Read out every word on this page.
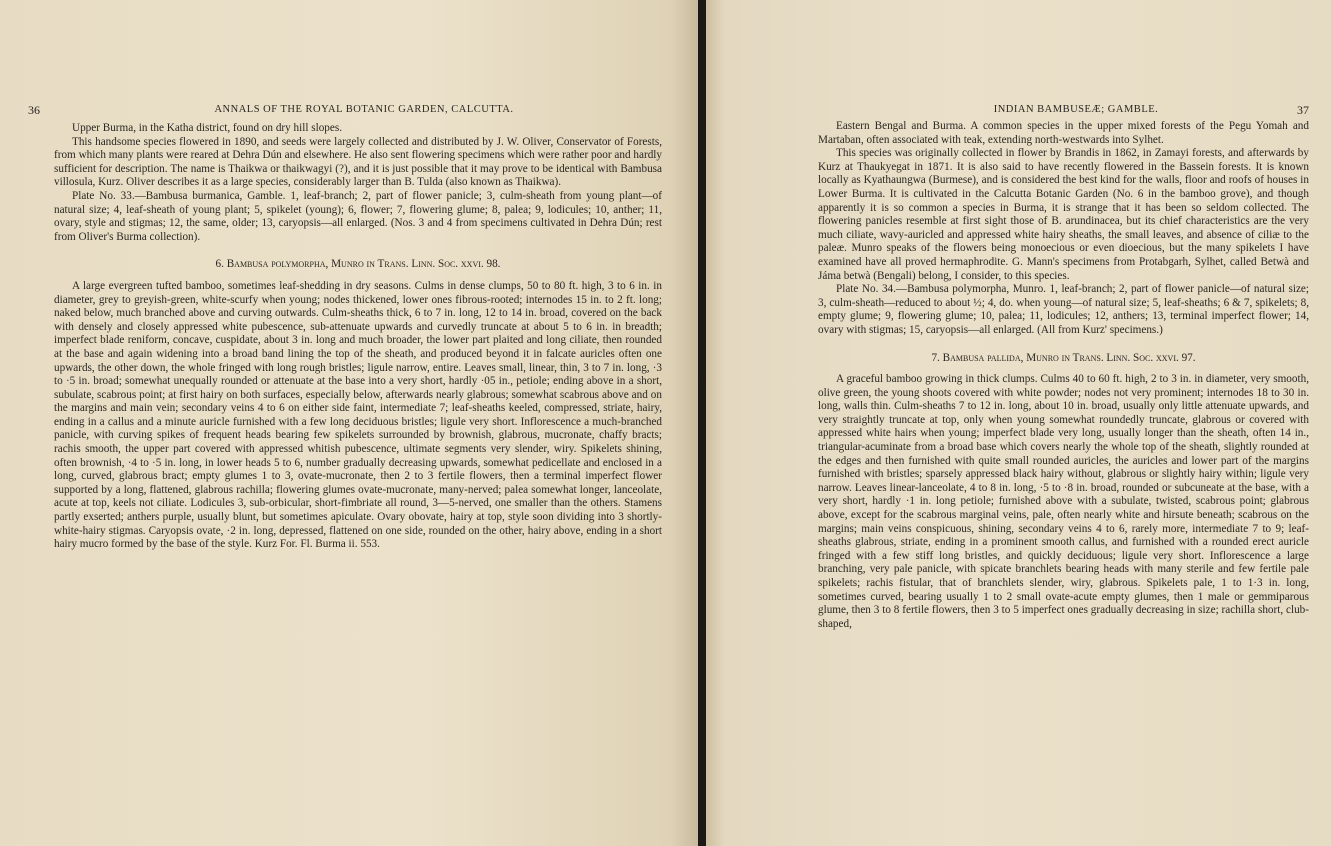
36	ANNALS OF THE ROYAL BOTANIC GARDEN, CALCUTTA.

Upper Burma, in the Katha district, found on dry hill slopes.

This handsome species flowered in 1890, and seeds were largely collected and distributed by J. W. Oliver, Conservator of Forests, from which many plants were reared at Dehra Dún and elsewhere. He also sent flowering specimens which were rather poor and hardly sufficient for description. The name is Thaikwa or thaikwagyi (?), and it is just possible that it may prove to be identical with Bambusa villosula, Kurz. Oliver describes it as a large species, considerably larger than B. Tulda (also known as Thaikwa).

Plate No. 33.—Bambusa burmanica, Gamble. 1, leaf-branch; 2, part of flower panicle; 3, culm-sheath from young plant—of natural size; 4, leaf-sheath of young plant; 5, spikelet (young); 6, flower; 7, flowering glume; 8, palea; 9, lodicules; 10, anther; 11, ovary, style and stigmas; 12, the same, older; 13, caryopsis—all enlarged. (Nos. 3 and 4 from specimens cultivated in Dehra Dún; rest from Oliver's Burma collection).

6. Bambusa polymorpha, Munro in Trans. Linn. Soc. xxvi. 98.

A large evergreen tufted bamboo, sometimes leaf-shedding in dry seasons. Culms in dense clumps, 50 to 80 ft. high, 3 to 6 in. in diameter, grey to greyish-green, white-scurfy when young; nodes thickened, lower ones fibrous-rooted; internodes 15 in. to 2 ft. long; naked below, much branched above and curving outwards. Culm-sheaths thick, 6 to 7 in. long, 12 to 14 in. broad, covered on the back with densely and closely appressed white pubescence, sub-attenuate upwards and curvedly truncate at about 5 to 6 in. in breadth; imperfect blade reniform, concave, cuspidate, about 3 in. long and much broader, the lower part plaited and long ciliate, then rounded at the base and again widening into a broad band lining the top of the sheath, and produced beyond it in falcate auricles often one upwards, the other down, the whole fringed with long rough bristles; ligule narrow, entire. Leaves small, linear, thin, 3 to 7 in. long, ·3 to ·5 in. broad; somewhat unequally rounded or attenuate at the base into a very short, hardly ·05 in., petiole; ending above in a short, subulate, scabrous point; at first hairy on both surfaces, especially below, afterwards nearly glabrous; somewhat scabrous above and on the margins and main vein; secondary veins 4 to 6 on either side faint, intermediate 7; leaf-sheaths keeled, compressed, striate, hairy, ending in a callus and a minute auricle furnished with a few long deciduous bristles; ligule very short. Inflorescence a much-branched panicle, with curving spikes of frequent heads bearing few spikelets surrounded by brownish, glabrous, mucronate, chaffy bracts; rachis smooth, the upper part covered with appressed whitish pubescence, ultimate segments very slender, wiry. Spikelets shining, often brownish, ·4 to ·5 in. long, in lower heads 5 to 6, number gradually decreasing upwards, somewhat pedicellate and enclosed in a long, curved, glabrous bract; empty glumes 1 to 3, ovate-mucronate, then 2 to 3 fertile flowers, then a terminal imperfect flower supported by a long, flattened, glabrous rachilla; flowering glumes ovate-mucronate, many-nerved; palea somewhat longer, lanceolate, acute at top, keels not ciliate. Lodicules 3, sub-orbicular, short-fimbriate all round, 3—5-nerved, one smaller than the others. Stamens partly exserted; anthers purple, usually blunt, but sometimes apiculate. Ovary obovate, hairy at top, style soon dividing into 3 shortly-white-hairy stigmas. Caryopsis ovate, ·2 in. long, depressed, flattened on one side, rounded on the other, hairy above, ending in a short hairy mucro formed by the base of the style. Kurz For. Fl. Burma ii. 553.

INDIAN BAMBUSEÆ; GAMBLE.	37

Eastern Bengal and Burma. A common species in the upper mixed forests of the Pegu Yomah and Martaban, often associated with teak, extending north-westwards into Sylhet.

This species was originally collected in flower by Brandis in 1862, in Zamayi forests, and afterwards by Kurz at Thaukyegat in 1871. It is also said to have recently flowered in the Bassein forests. It is known locally as Kyathaungwa (Burmese), and is considered the best kind for the walls, floor and roofs of houses in Lower Burma. It is cultivated in the Calcutta Botanic Garden (No. 6 in the bamboo grove), and though apparently it is so common a species in Burma, it is strange that it has been so seldom collected. The flowering panicles resemble at first sight those of B. arundinacea, but its chief characteristics are the very much ciliate, wavy-auricled and appressed white hairy sheaths, the small leaves, and absence of ciliæ to the paleæ. Munro speaks of the flowers being monoecious or even dioecious, but the many spikelets I have examined have all proved hermaphrodite. G. Mann's specimens from Protabgarh, Sylhet, called Betwà and Jáma betwà (Bengali) belong, I consider, to this species.

Plate No. 34.—Bambusa polymorpha, Munro. 1, leaf-branch; 2, part of flower panicle—of natural size; 3, culm-sheath—reduced to about ½; 4, do. when young—of natural size; 5, leaf-sheaths; 6 & 7, spikelets; 8, empty glume; 9, flowering glume; 10, palea; 11, lodicules; 12, anthers; 13, terminal imperfect flower; 14, ovary with stigmas; 15, caryopsis—all enlarged. (All from Kurz' specimens.)

7. Bambusa pallida, Munro in Trans. Linn. Soc. xxvi. 97.

A graceful bamboo growing in thick clumps. Culms 40 to 60 ft. high, 2 to 3 in. in diameter, very smooth, olive green, the young shoots covered with white powder; nodes not very prominent; internodes 18 to 30 in. long, walls thin. Culm-sheaths 7 to 12 in. long, about 10 in. broad, usually only little attenuate upwards, and very straightly truncate at top, only when young somewhat roundedly truncate, glabrous or covered with appressed white hairs when young; imperfect blade very long, usually longer than the sheath, often 14 in., triangular-acuminate from a broad base which covers nearly the whole top of the sheath, slightly rounded at the edges and then furnished with quite small rounded auricles, the auricles and lower part of the margins furnished with bristles; sparsely appressed black hairy without, glabrous or slightly hairy within; ligule very narrow. Leaves linear-lanceolate, 4 to 8 in. long, ·5 to ·8 in. broad, rounded or subcuneate at the base, with a very short, hardly ·1 in. long petiole; furnished above with a subulate, twisted, scabrous point; glabrous above, except for the scabrous marginal veins, pale, often nearly white and hirsute beneath; scabrous on the margins; main veins conspicuous, shining, secondary veins 4 to 6, rarely more, intermediate 7 to 9; leaf-sheaths glabrous, striate, ending in a prominent smooth callus, and furnished with a rounded erect auricle fringed with a few stiff long bristles, and quickly deciduous; ligule very short. Inflorescence a large branching, very pale panicle, with spicate branchlets bearing heads with many sterile and few fertile pale spikelets; rachis fistular, that of branchlets slender, wiry, glabrous. Spikelets pale, 1 to 1·3 in. long, sometimes curved, bearing usually 1 to 2 small ovate-acute empty glumes, then 1 male or gemmiparous glume, then 3 to 8 fertile flowers, then 3 to 5 imperfect ones gradually decreasing in size; rachilla short, club-shaped,
